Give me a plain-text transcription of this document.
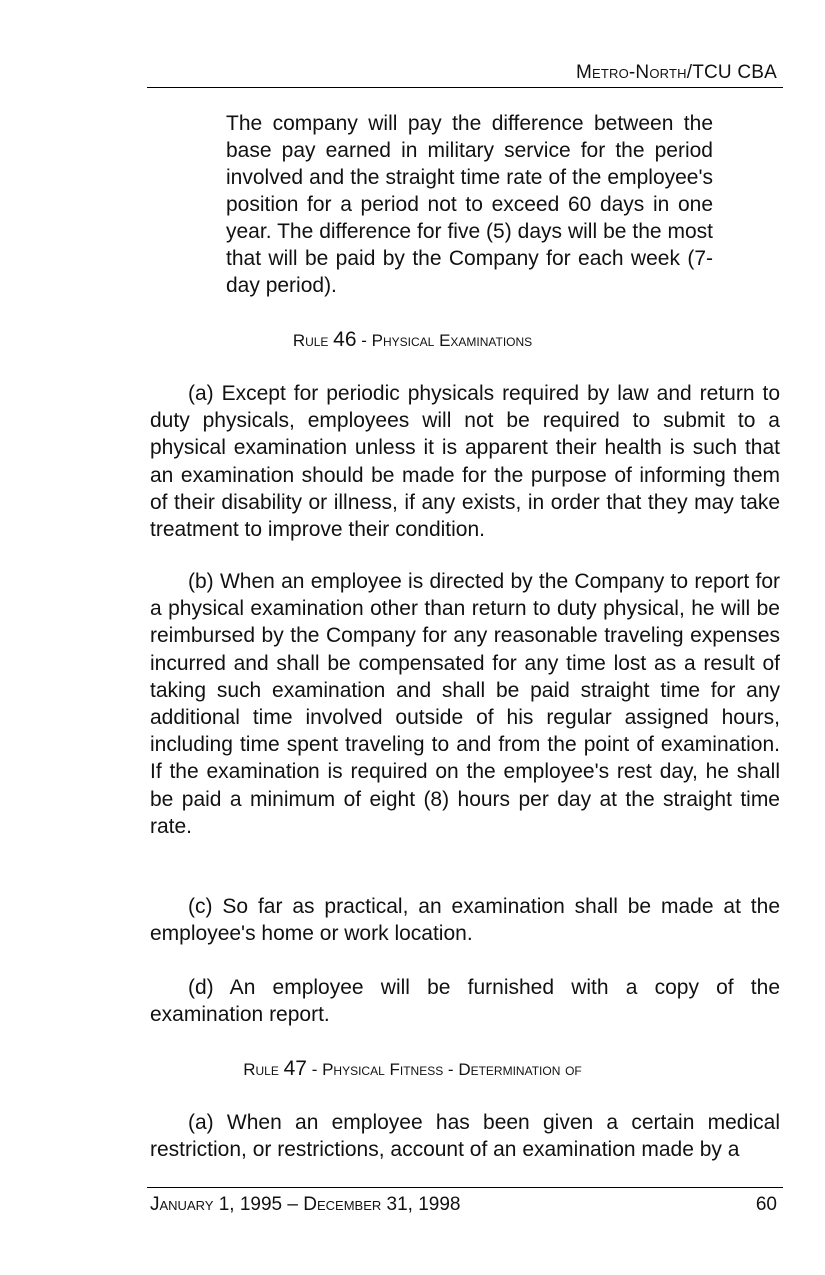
Metro-North/TCU CBA
The company will pay the difference between the base pay earned in military service for the period involved and the straight time rate of the employee's position for a period not to exceed 60 days in one year. The difference for five (5) days will be the most that will be paid by the Company for each week (7-day period).
Rule 46 - Physical Examinations
(a) Except for periodic physicals required by law and return to duty physicals, employees will not be required to submit to a physical examination unless it is apparent their health is such that an examination should be made for the purpose of informing them of their disability or illness, if any exists, in order that they may take treatment to improve their condition.
(b) When an employee is directed by the Company to report for a physical examination other than return to duty physical, he will be reimbursed by the Company for any reasonable traveling expenses incurred and shall be compensated for any time lost as a result of taking such examination and shall be paid straight time for any additional time involved outside of his regular assigned hours, including time spent traveling to and from the point of examination. If the examination is required on the employee's rest day, he shall be paid a minimum of eight (8) hours per day at the straight time rate.
(c) So far as practical, an examination shall be made at the employee's home or work location.
(d) An employee will be furnished with a copy of the examination report.
Rule 47 - Physical Fitness - Determination of
(a) When an employee has been given a certain medical restriction, or restrictions, account of an examination made by a
January 1, 1995 – December 31, 1998	60
